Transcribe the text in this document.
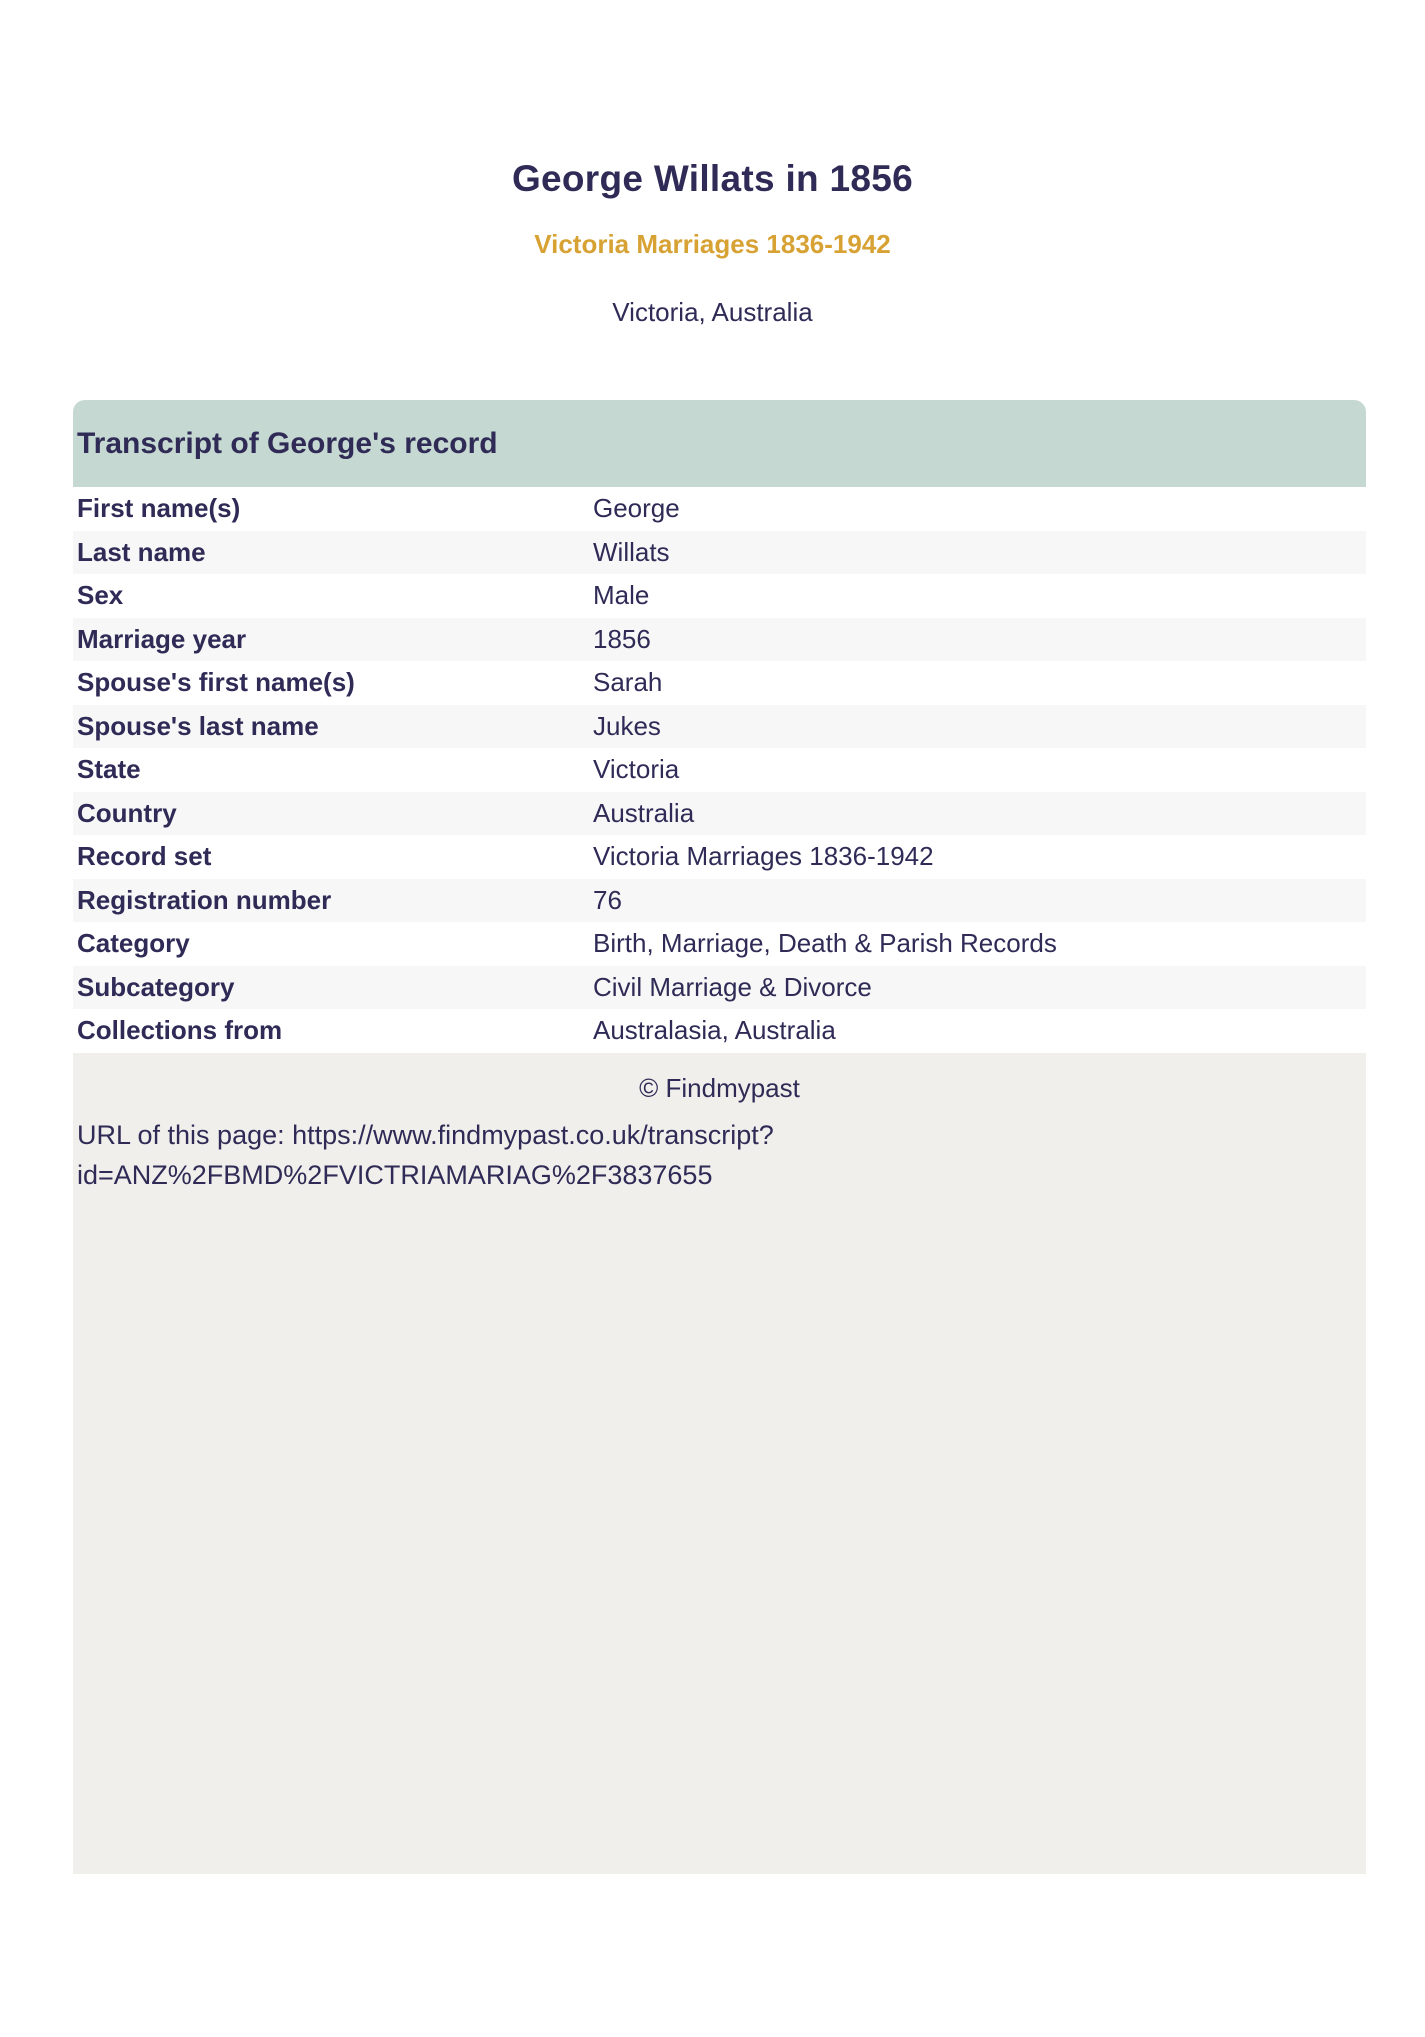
George Willats in 1856
Victoria Marriages 1836-1942
Victoria, Australia
Transcript of George's record
First name(s)	George
Last name	Willats
Sex	Male
Marriage year	1856
Spouse's first name(s)	Sarah
Spouse's last name	Jukes
State	Victoria
Country	Australia
Record set	Victoria Marriages 1836-1942
Registration number	76
Category	Birth, Marriage, Death & Parish Records
Subcategory	Civil Marriage & Divorce
Collections from	Australasia, Australia
© Findmypast
URL of this page: https://www.findmypast.co.uk/transcript?
id=ANZ%2FBMD%2FVICTRIAMARIAG%2F3837655
